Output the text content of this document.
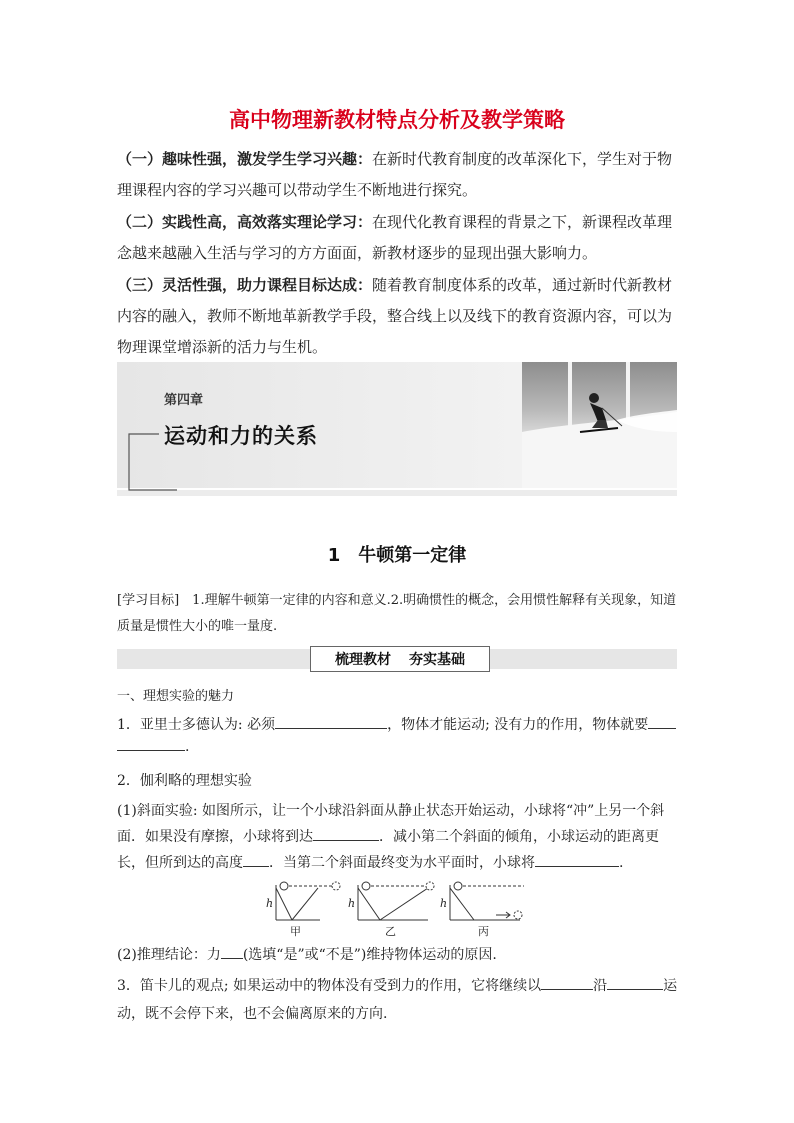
高中物理新教材特点分析及教学策略
（一）趣味性强，激发学生学习兴趣：在新时代教育制度的改革深化下，学生对于物理课程内容的学习兴趣可以带动学生不断地进行探究。
（二）实践性高，高效落实理论学习：在现代化教育课程的背景之下，新课程改革理念越来越融入生活与学习的方方面面，新教材逐步的显现出强大影响力。
（三）灵活性强，助力课程目标达成：随着教育制度体系的改革，通过新时代新教材内容的融入，教师不断地革新教学手段，整合线上以及线下的教育资源内容，可以为物理课堂增添新的活力与生机。
第四章
运动和力的关系
1　牛顿第一定律
[学习目标]　 1.理解牛顿第一定律的内容和意义.2.明确惯性的概念，会用惯性解释有关现象，知道质量是惯性大小的唯一量度.
梳理教材 夯实基础
一、理想实验的魅力
1．亚里士多德认为: 必须	，物体才能运动; 没有力的作用，物体就要
.
2．伽利略的理想实验
(1)斜面实验: 如图所示，让一个小球沿斜面从静止状态开始运动，小球将“冲”上另一个斜面．如果没有摩擦，小球将到达	．减小第二个斜面的倾角，小球运动的距离更长，但所到达的高度 ．当第二个斜面最终变为水平面时，小球将	.
h	h	h
甲	乙	丙
(2)推理结论：力 (选填“是”或“不是”)维持物体运动的原因.
3．笛卡儿的观点; 如果运动中的物体没有受到力的作用，它将继续以	沿	运动，既不会停下来，也不会偏离原来的方向.
